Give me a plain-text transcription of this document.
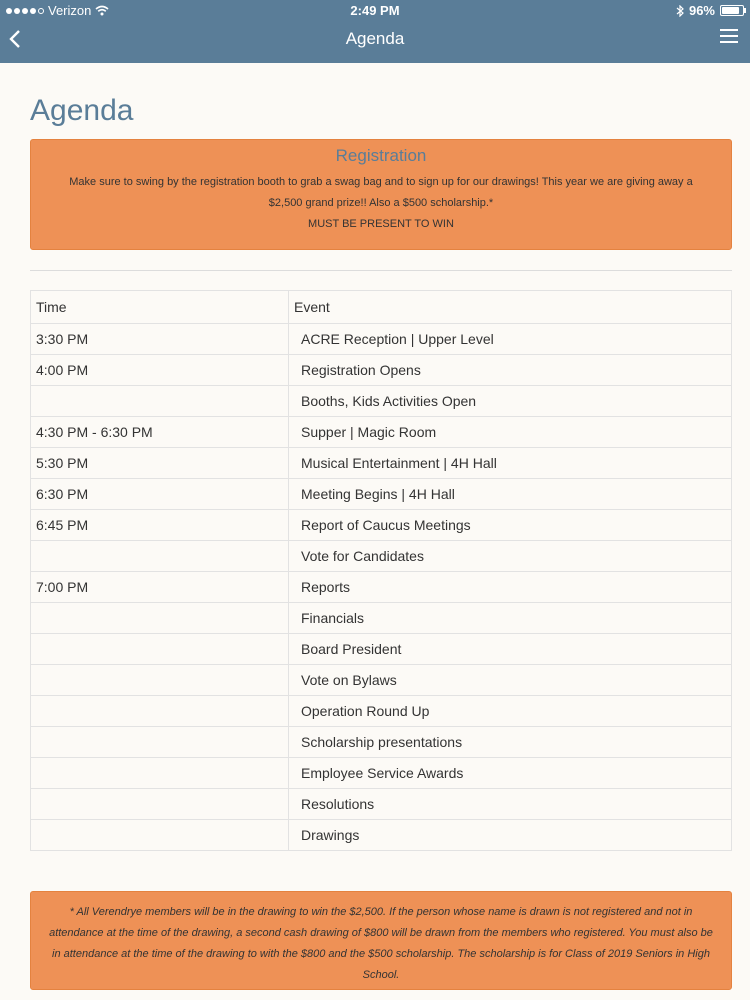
Verizon	2:49 PM	96%
Agenda
Agenda
Registration
Make sure to swing by the registration booth to grab a swag bag and to sign up for our drawings! This year we are giving away a $2,500 grand prize!! Also a $500 scholarship.*
MUST BE PRESENT TO WIN
Time	Event
3:30 PM	ACRE Reception | Upper Level
4:00 PM	Registration Opens
	Booths, Kids Activities Open
4:30 PM - 6:30 PM	Supper | Magic Room
5:30 PM	Musical Entertainment | 4H Hall
6:30 PM	Meeting Begins | 4H Hall
6:45 PM	Report of Caucus Meetings
	Vote for Candidates
7:00 PM	Reports
	Financials
	Board President
	Vote on Bylaws
	Operation Round Up
	Scholarship presentations
	Employee Service Awards
	Resolutions
	Drawings
* All Verendrye members will be in the drawing to win the $2,500. If the person whose name is drawn is not registered and not in attendance at the time of the drawing, a second cash drawing of $800 will be drawn from the members who registered. You must also be in attendance at the time of the drawing to with the $800 and the $500 scholarship. The scholarship is for Class of 2019 Seniors in High School.
